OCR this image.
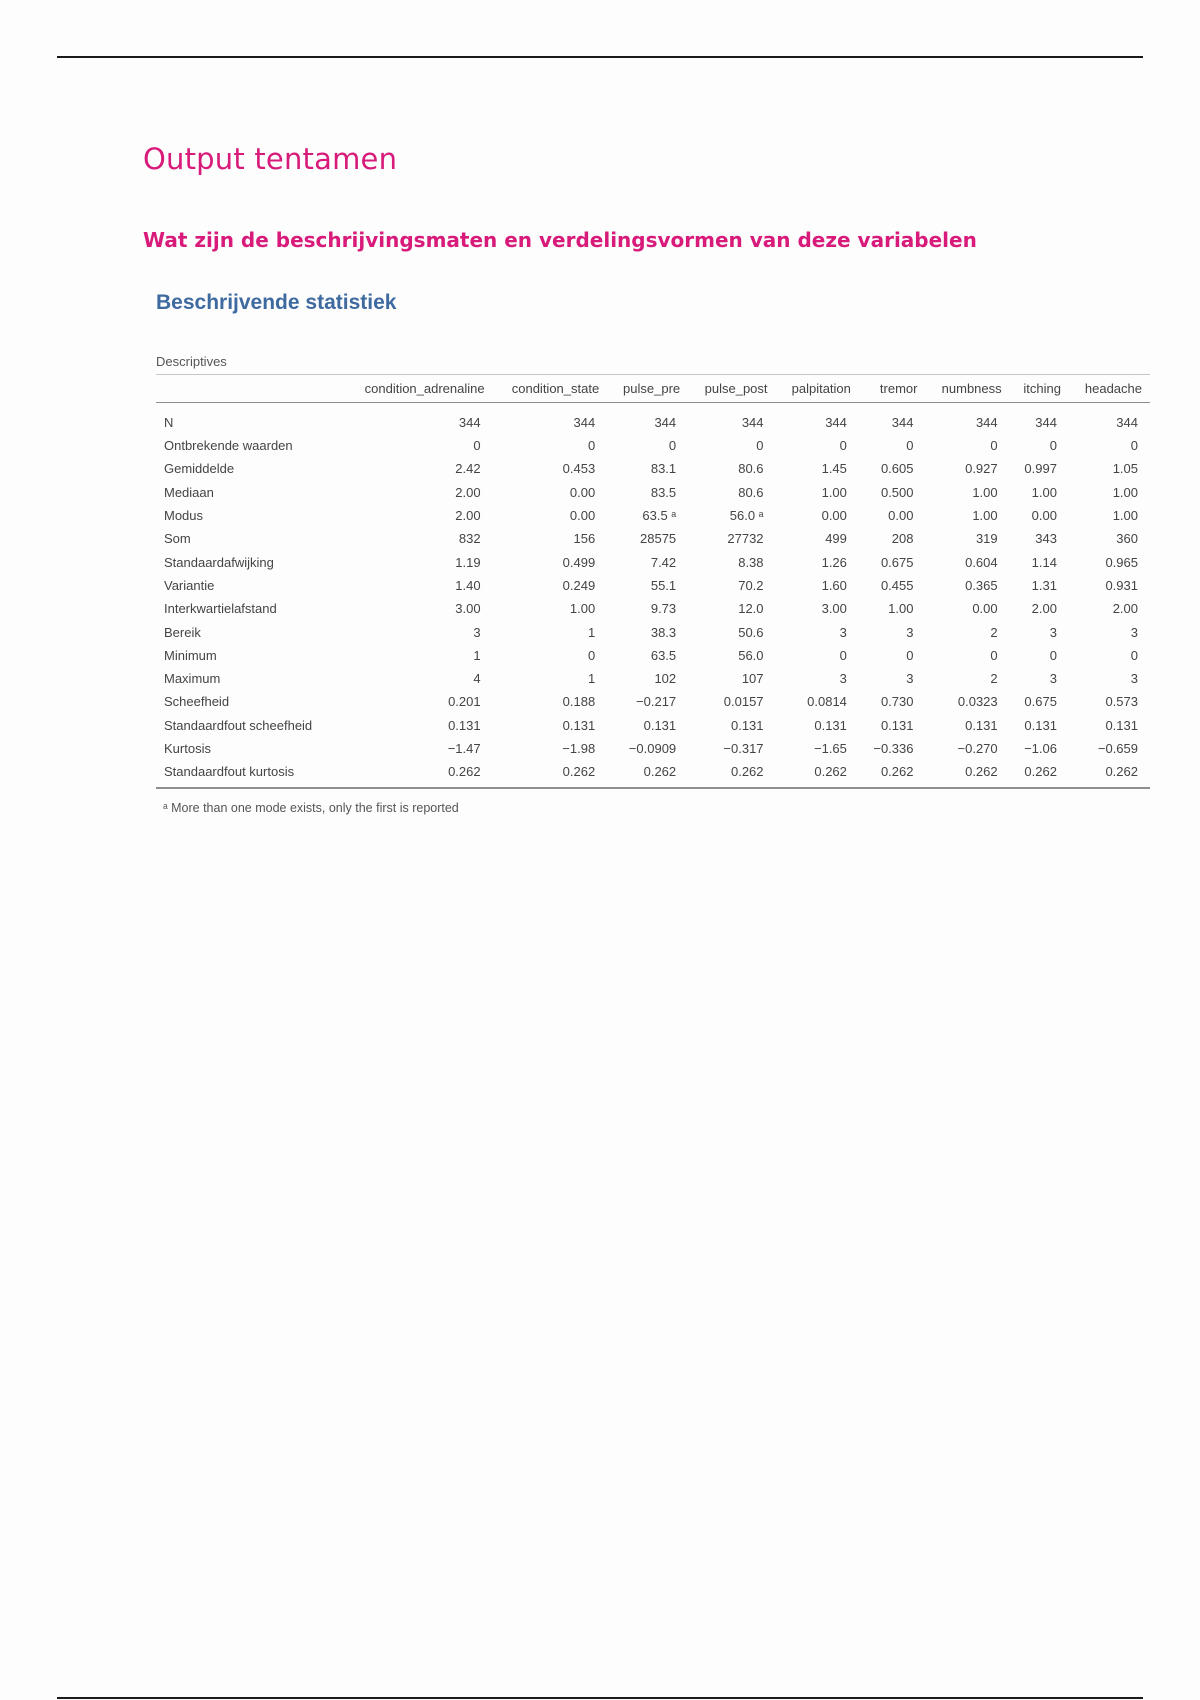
Output tentamen
Wat zijn de beschrijvingsmaten en verdelingsvormen van deze variabelen
Beschrijvende statistiek
Descriptives
	condition_adrenaline	condition_state	pulse_pre	pulse_post	palpitation	tremor	numbness	itching	headache
N	344	344	344	344	344	344	344	344	344
Ontbrekende waarden	0	0	0	0	0	0	0	0	0
Gemiddelde	2.42	0.453	83.1	80.6	1.45	0.605	0.927	0.997	1.05
Mediaan	2.00	0.00	83.5	80.6	1.00	0.500	1.00	1.00	1.00
Modus	2.00	0.00	63.5 ᵃ	56.0 ᵃ	0.00	0.00	1.00	0.00	1.00
Som	832	156	28575	27732	499	208	319	343	360
Standaardafwijking	1.19	0.499	7.42	8.38	1.26	0.675	0.604	1.14	0.965
Variantie	1.40	0.249	55.1	70.2	1.60	0.455	0.365	1.31	0.931
Interkwartielafstand	3.00	1.00	9.73	12.0	3.00	1.00	0.00	2.00	2.00
Bereik	3	1	38.3	50.6	3	3	2	3	3
Minimum	1	0	63.5	56.0	0	0	0	0	0
Maximum	4	1	102	107	3	3	2	3	3
Scheefheid	0.201	0.188	−0.217	0.0157	0.0814	0.730	0.0323	0.675	0.573
Standaardfout scheefheid	0.131	0.131	0.131	0.131	0.131	0.131	0.131	0.131	0.131
Kurtosis	−1.47	−1.98	−0.0909	−0.317	−1.65	−0.336	−0.270	−1.06	−0.659
Standaardfout kurtosis	0.262	0.262	0.262	0.262	0.262	0.262	0.262	0.262	0.262
ᵃ More than one mode exists, only the first is reported
